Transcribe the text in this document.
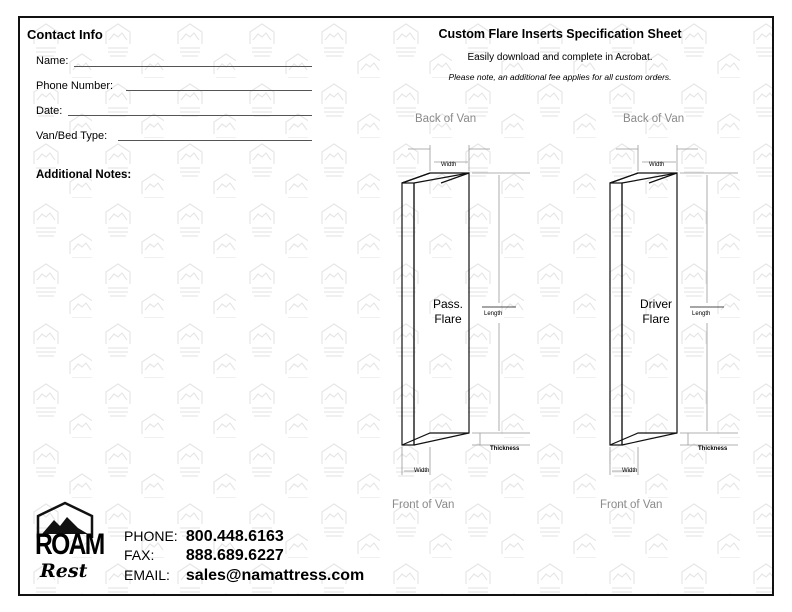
Contact Info
Name:
Phone Number:
Date:
Van/Bed Type:
Additional Notes:
Custom Flare Inserts Specification Sheet
Easily download and complete in Acrobat.
Please note, an additional fee applies for all custom orders.
Back of Van	Back of Van
Front of Van	Front of Van
Width
Length
Thickness
Width
Pass.
Flare
Width
Length
Thickness
Width
Driver
Flare
ROAM
Rest
PHONE: 800.448.6163
FAX: 888.689.6227
EMAIL: sales@namattress.com
